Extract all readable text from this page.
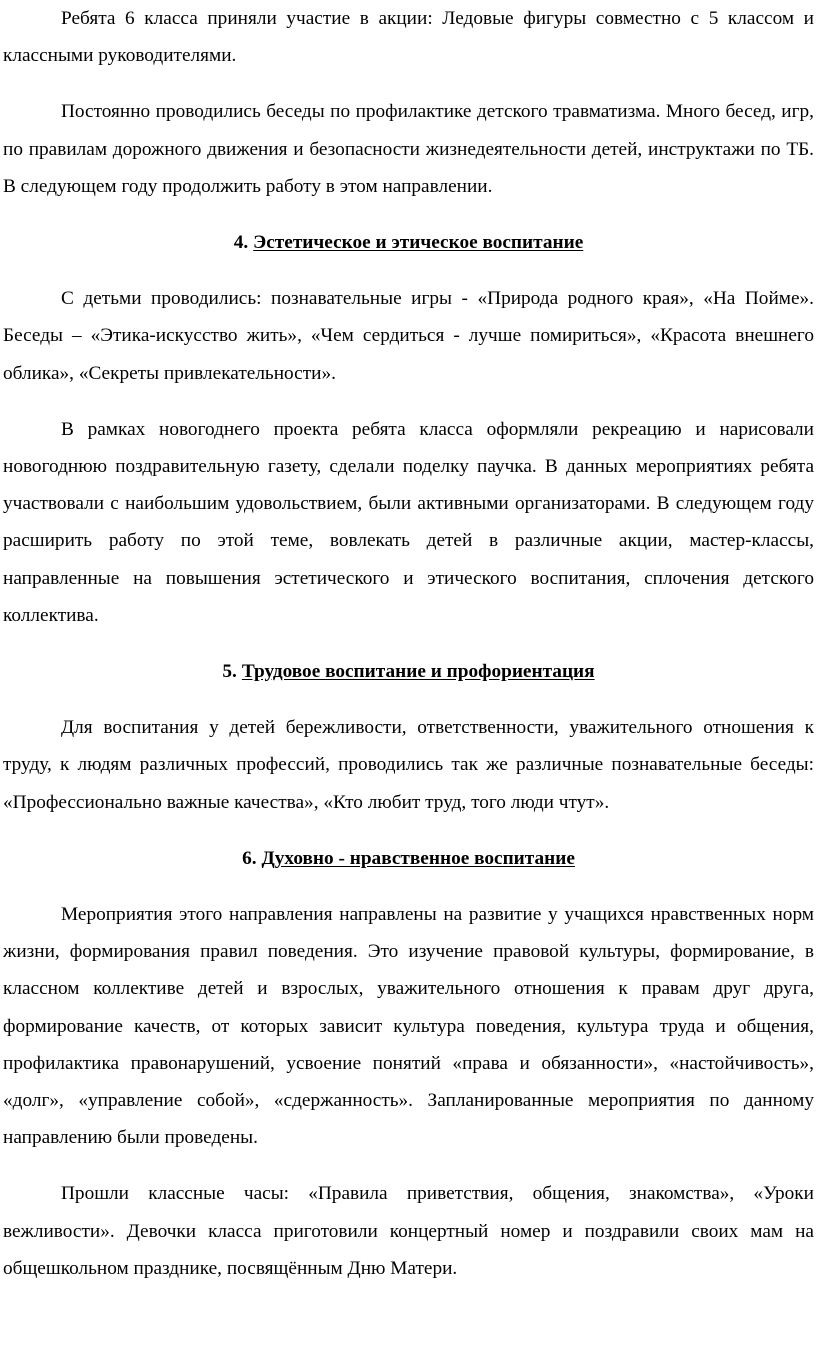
Ребята 6 класса приняли участие в акции: Ледовые фигуры совместно с 5 классом и классными руководителями.

Постоянно проводились беседы по профилактике детского травматизма. Много бесед, игр, по правилам дорожного движения и безопасности жизнедеятельности детей, инструктажи по ТБ. В следующем году продолжить работу в этом направлении.

4. Эстетическое и этическое воспитание

С детьми проводились: познавательные игры - «Природа родного края», «На Пойме». Беседы – «Этика-искусство жить», «Чем сердиться - лучше помириться», «Красота внешнего облика», «Секреты привлекательности».

В рамках новогоднего проекта ребята класса оформляли рекреацию и нарисовали новогоднюю поздравительную газету, сделали поделку паучка. В данных мероприятиях ребята участвовали с наибольшим удовольствием, были активными организаторами. В следующем году расширить работу по этой теме, вовлекать детей в различные акции, мастер-классы, направленные на повышения эстетического и этического воспитания, сплочения детского коллектива.

5. Трудовое воспитание и профориентация

Для воспитания у детей бережливости, ответственности, уважительного отношения к труду, к людям различных профессий, проводились так же различные познавательные беседы: «Профессионально важные качества», «Кто любит труд, того люди чтут».

6. Духовно - нравственное воспитание

Мероприятия этого направления направлены на развитие у учащихся нравственных норм жизни, формирования правил поведения. Это изучение правовой культуры, формирование, в классном коллективе детей и взрослых, уважительного отношения к правам друг друга, формирование качеств, от которых зависит культура поведения, культура труда и общения, профилактика правонарушений, усвоение понятий «права и обязанности», «настойчивость», «долг», «управление собой», «сдержанность». Запланированные мероприятия по данному направлению были проведены.

Прошли классные часы: «Правила приветствия, общения, знакомства», «Уроки вежливости». Девочки класса приготовили концертный номер и поздравили своих мам на общешкольном празднике, посвящённым Дню Матери.
